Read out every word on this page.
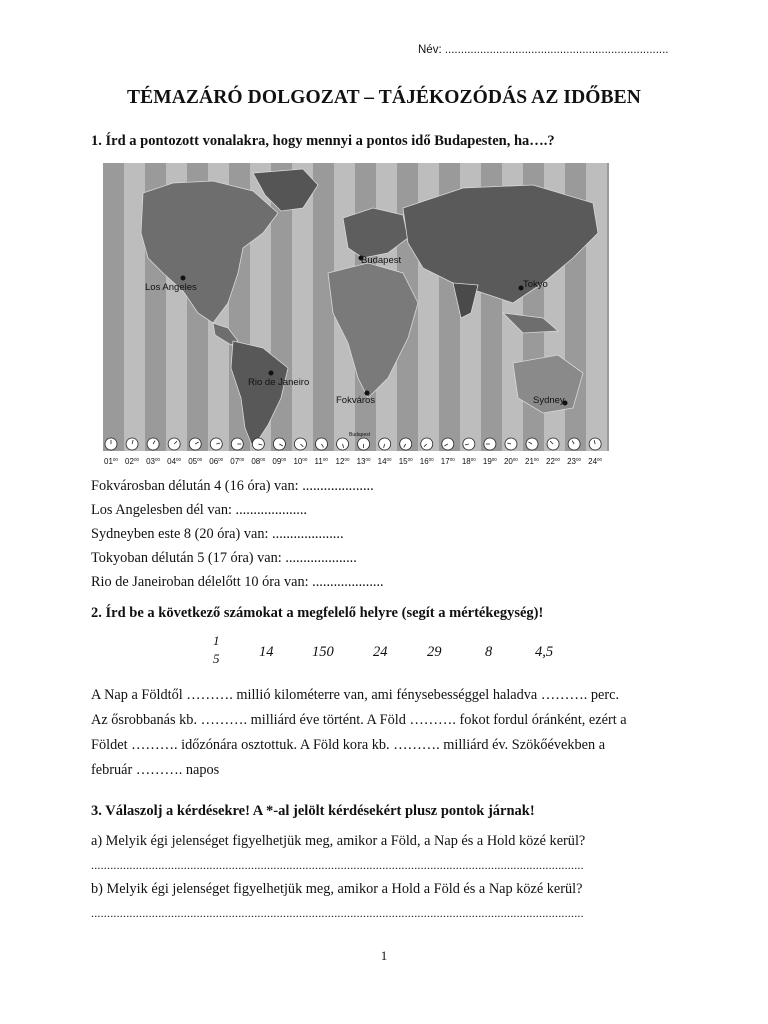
Név: ......................................................................
TÉMAZÁRÓ DOLGOZAT – TÁJÉKOZÓDÁS AZ IDŐBEN
1. Írd a pontozott vonalakra, hogy mennyi a pontos idő Budapesten, ha….?
Budapest
Los Angeles	Tokyo
Rio de Janeiro
Fokváros	Sydney
Budapest
$01^{00}$ $02^{00}$ $03^{00}$ $04^{00}$ $05^{00}$ $06^{00}$ $07^{00}$ $08^{00}$ $09^{00}$ $10^{00}$ $11^{00}$ $12^{00}$ $13^{00}$ $14^{00}$ $15^{00}$ $16^{00}$ $17^{00}$ $18^{00}$ $19^{00}$ $20^{00}$ $21^{00}$ $22^{00}$ $23^{00}$ $24^{00}$
Fokvárosban délután 4 (16 óra) van: ....................
Los Angelesben dél van: ....................
Sydneyben este 8 (20 óra) van: ....................
Tokyoban délután 5 (17 óra) van: ....................
Rio de Janeiroban délelőtt 10 óra van: ....................
2. Írd be a következő számokat a megfelelő helyre (segít a mértékegység)!
1
5	14	150	24	29	8	4,5
A Nap a Földtől ………. millió kilométerre van, ami fénysebességgel haladva ………. perc.
Az ősrobbanás kb. ………. milliárd éve történt. A Föld ………. fokot fordul óránként, ezért a
Földet ………. időzónára osztottuk. A Föld kora kb. ………. milliárd év. Szökőévekben a
február ………. napos
3. Válaszolj a kérdésekre! A *-al jelölt kérdésekért plusz pontok járnak!
a) Melyik égi jelenséget figyelhetjük meg, amikor a Föld, a Nap és a Hold közé kerül?
..........................................................................................................................................................
b) Melyik égi jelenséget figyelhetjük meg, amikor a Hold a Föld és a Nap közé kerül?
..........................................................................................................................................................
1
